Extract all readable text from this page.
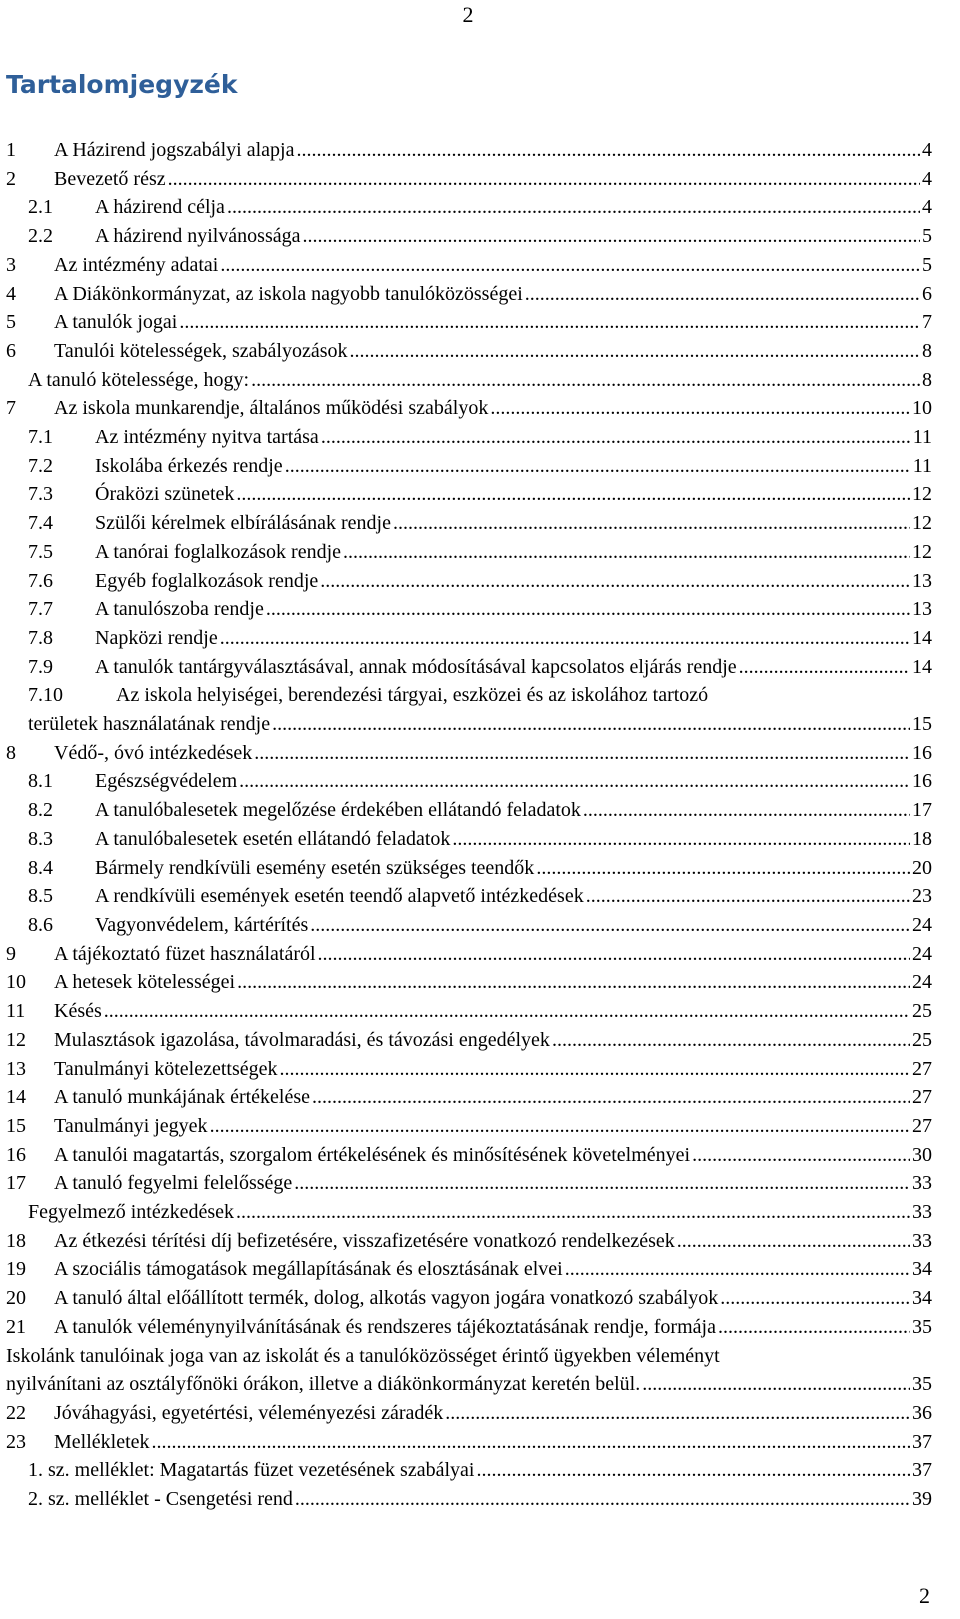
2
Tartalomjegyzék
1	A Házirend jogszabályi alapja .....	4
2	Bevezető rész .....	4
2.1	A házirend célja .....	4
2.2	A házirend nyilvánossága .....	5
3	Az intézmény adatai .....	5
4	A Diákönkormányzat, az iskola nagyobb tanulóközösségei .....	6
5	A tanulók jogai .....	7
6	Tanulói kötelességek, szabályozások .....	8
A tanuló kötelessége, hogy: .....	8
7	Az iskola munkarendje, általános működési szabályok .....	10
7.1	Az intézmény nyitva tartása .....	11
7.2	Iskolába érkezés rendje .....	11
7.3	Óraközi szünetek .....	12
7.4	Szülői kérelmek elbírálásának rendje .....	12
7.5	A tanórai foglalkozások rendje .....	12
7.6	Egyéb foglalkozások rendje .....	13
7.7	A tanulószoba rendje .....	13
7.8	Napközi rendje .....	14
7.9	A tanulók tantárgyválasztásával, annak módosításával kapcsolatos eljárás rendje .....	14
7.10	Az iskola helyiségei, berendezési tárgyai, eszközei és az iskolához tartozó
területek használatának rendje .....	15
8	Védő-, óvó intézkedések .....	16
8.1	Egészségvédelem .....	16
8.2	A tanulóbalesetek megelőzése érdekében ellátandó feladatok .....	17
8.3	A tanulóbalesetek esetén ellátandó feladatok .....	18
8.4	Bármely rendkívüli esemény esetén szükséges teendők .....	20
8.5	A rendkívüli események esetén teendő alapvető intézkedések .....	23
8.6	Vagyonvédelem, kártérítés .....	24
9	A tájékoztató füzet használatáról .....	24
10	A hetesek kötelességei .....	24
11	Késés .....	25
12	Mulasztások igazolása, távolmaradási, és távozási engedélyek .....	25
13	Tanulmányi kötelezettségek .....	27
14	A tanuló munkájának értékelése .....	27
15	Tanulmányi jegyek .....	27
16	A tanulói magatartás, szorgalom értékelésének és minősítésének követelményei .....	30
17	A tanuló fegyelmi felelőssége .....	33
Fegyelmező intézkedések .....	33
18	Az étkezési térítési díj befizetésére, visszafizetésére vonatkozó rendelkezések .....	33
19	A szociális támogatások megállapításának és elosztásának elvei .....	34
20	A tanuló által előállított termék, dolog, alkotás vagyon jogára vonatkozó szabályok .....	34
21	A tanulók véleménynyilvánításának és rendszeres tájékoztatásának rendje, formája .....	35
Iskolánk tanulóinak joga van az iskolát és a tanulóközösséget érintő ügyekben véleményt
nyilvánítani az osztályfőnöki órákon, illetve a diákönkormányzat keretén belül. .....	35
22	Jóváhagyási, egyetértési, véleményezési záradék .....	36
23	Mellékletek .....	37
1. sz. melléklet: Magatartás füzet vezetésének szabályai .....	37
2. sz. melléklet - Csengetési rend .....	39
2
